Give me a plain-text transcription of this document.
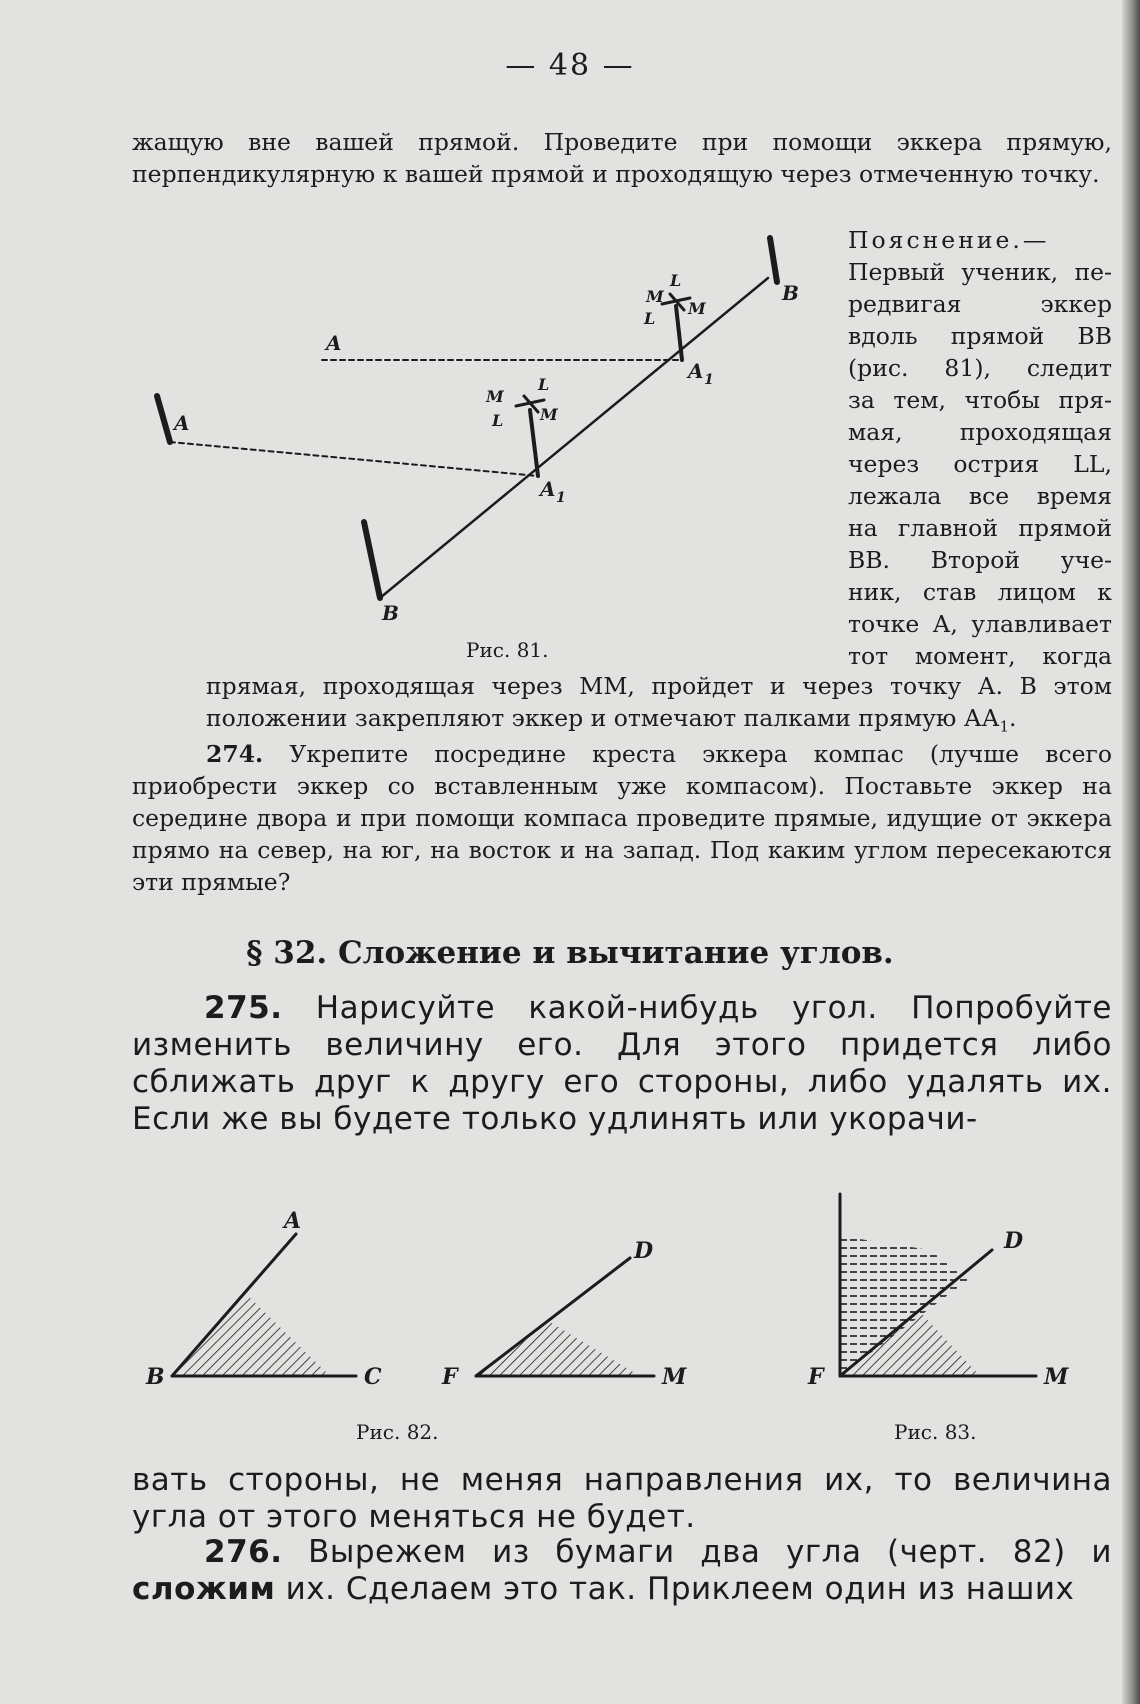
— 48 —

жащую вне вашей прямой. Проведите при помощи эккера прямую, перпендикулярную к вашей прямой и проходящую через отмеченную точку.

A
A
B
B
A 1
A 1
M
L
L
M
M
L
L M
Пояснение.—
Первый ученик, пе-
редвигая эккер
вдоль прямой ВВ
(рис. 81), следит
за тем, чтобы пря-
мая, проходящая
через острия LL,
лежала все время
на главной прямой
ВВ. Второй уче-
ник, став лицом к
точке А, улавливает
тот момент, когда
Рис. 81.

прямая, проходящая через ММ, пройдет и через точку А. В этом положении закрепляют эккер и отмечают палками прямую $АА_1$.

274. Укрепите посредине креста эккера компас (лучше всего приобрести эккер со вставленным уже компасом). Поставьте эккер на середине двора и при помощи компаса проведите прямые, идущие от эккера прямо на север, на юг, на восток и на запад. Под каким углом пересекаются эти прямые?

§ 32. Сложение и вычитание углов.

275. Нарисуйте какой-нибудь угол. Попробуйте изменить величину его. Для этого придется либо сближать друг к другу его стороны, либо удалять их. Если же вы будете только удлинять или укорачи-

A
B	C
D
F	M
D
F	M
Рис. 82.	Рис. 83.

вать стороны, не меняя направления их, то величина угла от этого меняться не будет.

276. Вырежем из бумаги два угла (черт. 82) и сложим их. Сделаем это так. Приклеем один из наших
